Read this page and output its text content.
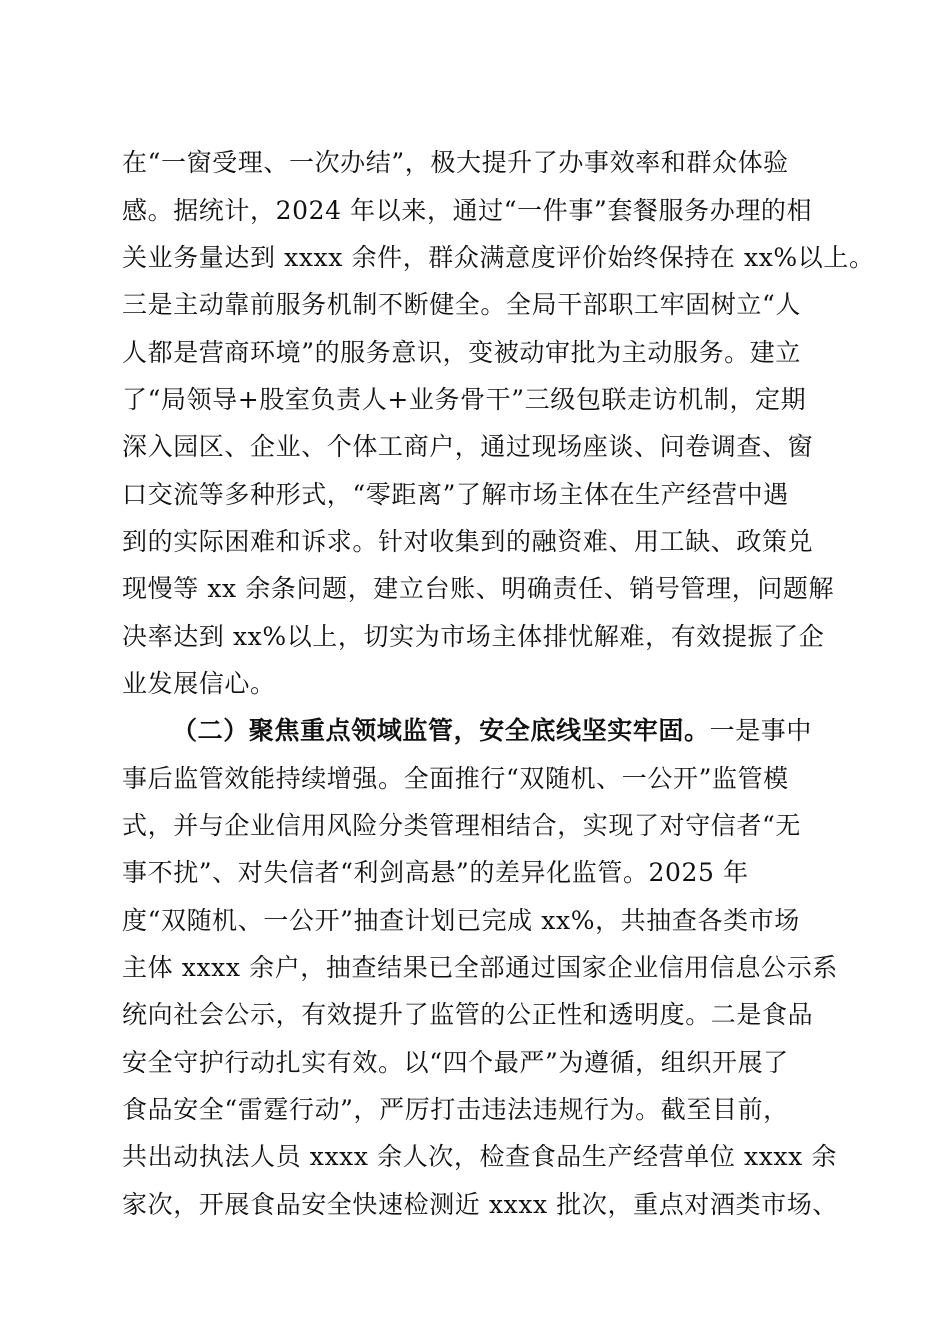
在“一窗受理、一次办结”，极大提升了办事效率和群众体验
感。据统计，2024 年以来，通过“一件事”套餐服务办理的相
关业务量达到 xxxx 余件，群众满意度评价始终保持在 xx%以上。
三是主动靠前服务机制不断健全。全局干部职工牢固树立“人
人都是营商环境”的服务意识，变被动审批为主动服务。建立
了“局领导+股室负责人+业务骨干”三级包联走访机制，定期
深入园区、企业、个体工商户，通过现场座谈、问卷调查、窗
口交流等多种形式，“零距离”了解市场主体在生产经营中遇
到的实际困难和诉求。针对收集到的融资难、用工缺、政策兑
现慢等 xx 余条问题，建立台账、明确责任、销号管理，问题解
决率达到 xx%以上，切实为市场主体排忧解难，有效提振了企
业发展信心。
（二）聚焦重点领域监管，安全底线坚实牢固。一是事中
事后监管效能持续增强。全面推行“双随机、一公开”监管模
式，并与企业信用风险分类管理相结合，实现了对守信者“无
事不扰”、对失信者“利剑高悬”的差异化监管。2025 年
度“双随机、一公开”抽查计划已完成 xx%，共抽查各类市场
主体 xxxx 余户，抽查结果已全部通过国家企业信用信息公示系
统向社会公示，有效提升了监管的公正性和透明度。二是食品
安全守护行动扎实有效。以“四个最严”为遵循，组织开展了
食品安全“雷霆行动”，严厉打击违法违规行为。截至目前，
共出动执法人员 xxxx 余人次，检查食品生产经营单位 xxxx 余
家次，开展食品安全快速检测近 xxxx 批次，重点对酒类市场、
